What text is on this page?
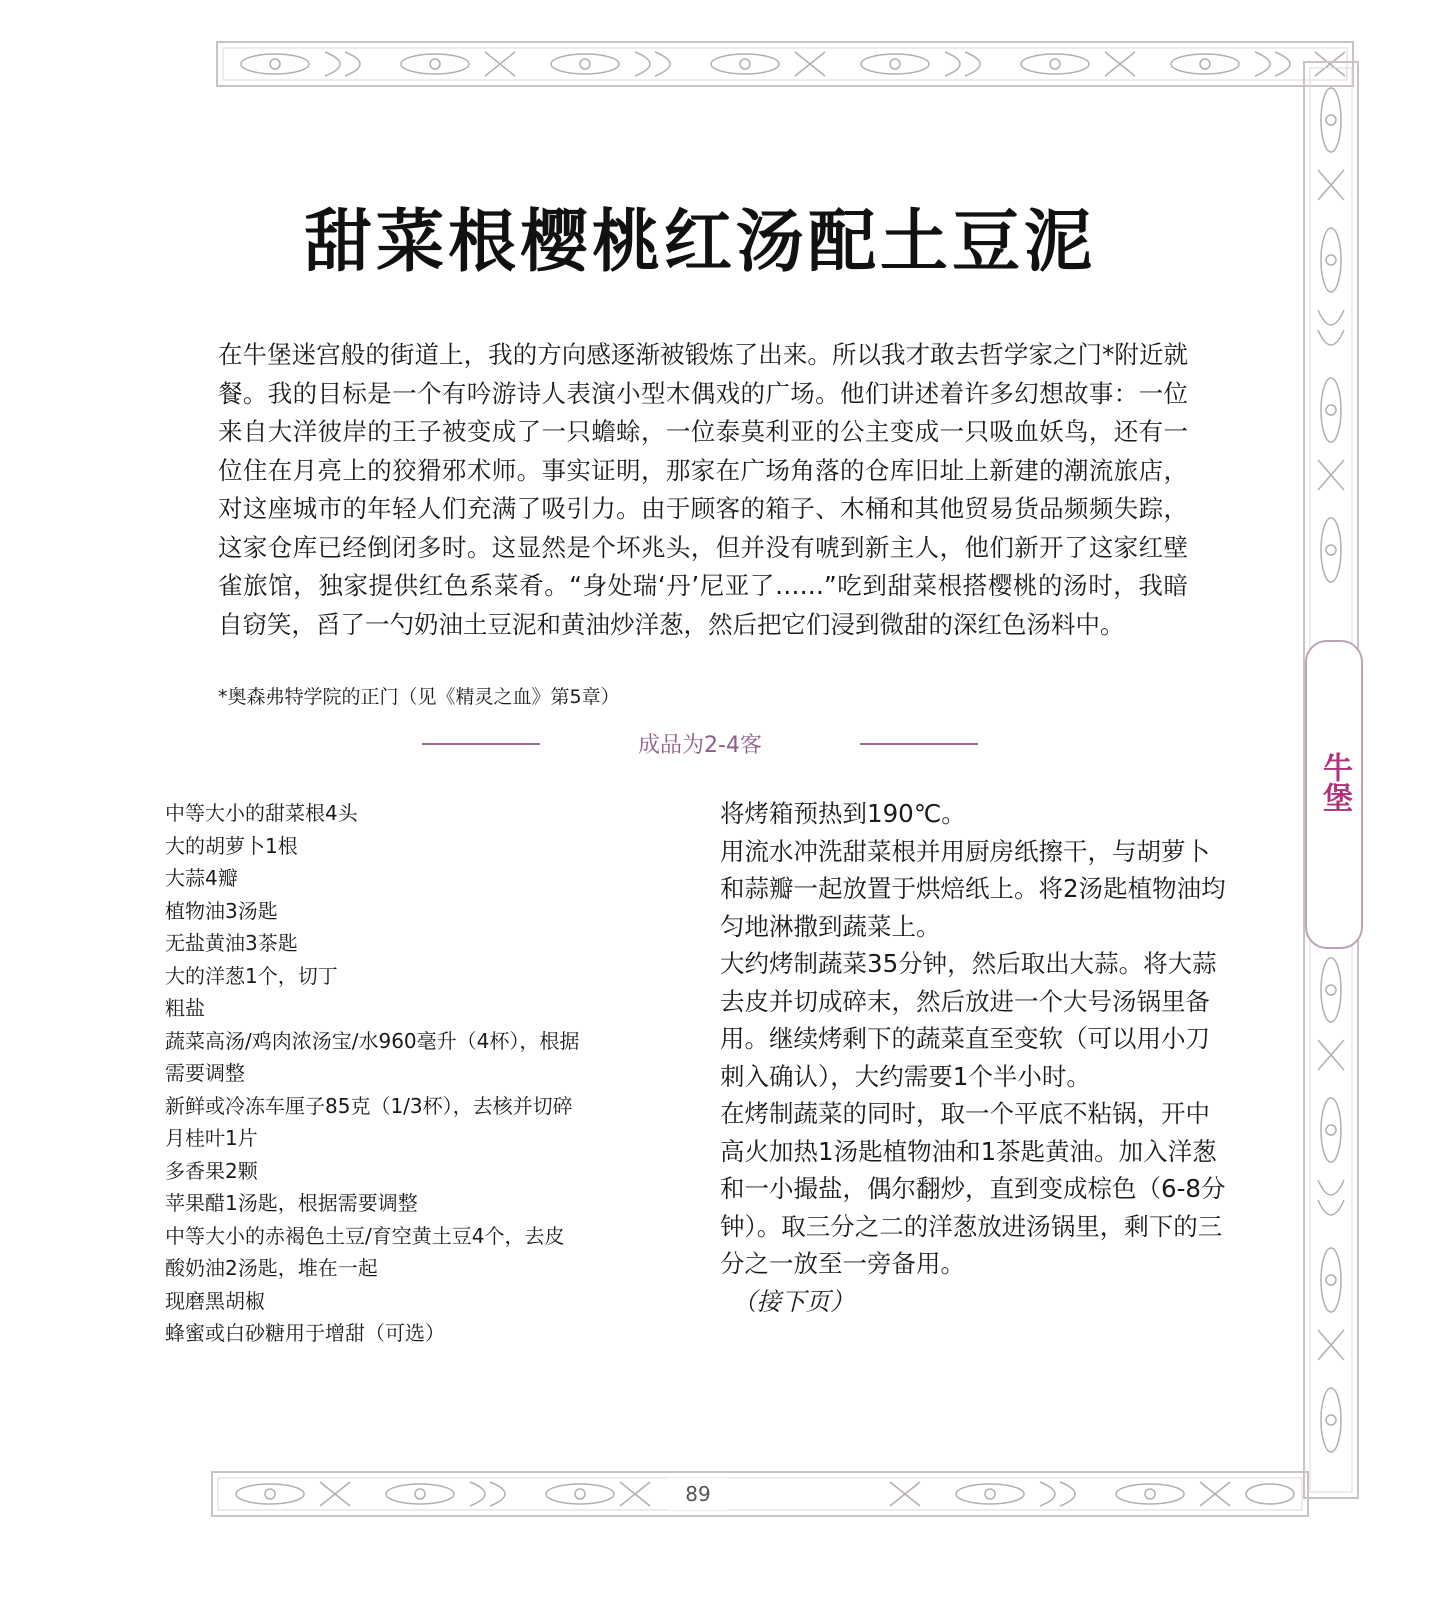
89
牛堡
甜菜根樱桃红汤配土豆泥

在牛堡迷宫般的街道上，我的方向感逐渐被锻炼了出来。所以我才敢去哲学家之门*附近就餐。我的目标是一个有吟游诗人表演小型木偶戏的广场。他们讲述着许多幻想故事：一位来自大洋彼岸的王子被变成了一只蟾蜍，一位泰莫利亚的公主变成一只吸血妖鸟，还有一位住在月亮上的狡猾邪术师。事实证明，那家在广场角落的仓库旧址上新建的潮流旅店，对这座城市的年轻人们充满了吸引力。由于顾客的箱子、木桶和其他贸易货品频频失踪，这家仓库已经倒闭多时。这显然是个坏兆头，但并没有唬到新主人，他们新开了这家红壁雀旅馆，独家提供红色系菜肴。“身处瑞‘丹’尼亚了……”吃到甜菜根搭樱桃的汤时，我暗自窃笑，舀了一勺奶油土豆泥和黄油炒洋葱，然后把它们浸到微甜的深红色汤料中。

*奥森弗特学院的正门（见《精灵之血》第5章）
成品为2-4客
中等大小的甜菜根4头
大的胡萝卜1根
大蒜4瓣
植物油3汤匙
无盐黄油3茶匙
大的洋葱1个，切丁
粗盐
蔬菜高汤/鸡肉浓汤宝/水960毫升（4杯），根据
需要调整
新鲜或冷冻车厘子85克（1/3杯），去核并切碎
月桂叶1片
多香果2颗
苹果醋1汤匙，根据需要调整
中等大小的赤褐色土豆/育空黄土豆4个，去皮
酸奶油2汤匙，堆在一起
现磨黑胡椒
蜂蜜或白砂糖用于增甜（可选）
将烤箱预热到190℃。
用流水冲洗甜菜根并用厨房纸擦干，与胡萝卜和蒜瓣一起放置于烘焙纸上。将2汤匙植物油均匀地淋撒到蔬菜上。
大约烤制蔬菜35分钟，然后取出大蒜。将大蒜去皮并切成碎末，然后放进一个大号汤锅里备用。继续烤剩下的蔬菜直至变软（可以用小刀刺入确认），大约需要1个半小时。
在烤制蔬菜的同时，取一个平底不粘锅，开中高火加热1汤匙植物油和1茶匙黄油。加入洋葱和一小撮盐，偶尔翻炒，直到变成棕色（6-8分钟）。取三分之二的洋葱放进汤锅里，剩下的三分之一放至一旁备用。
（接下页）
